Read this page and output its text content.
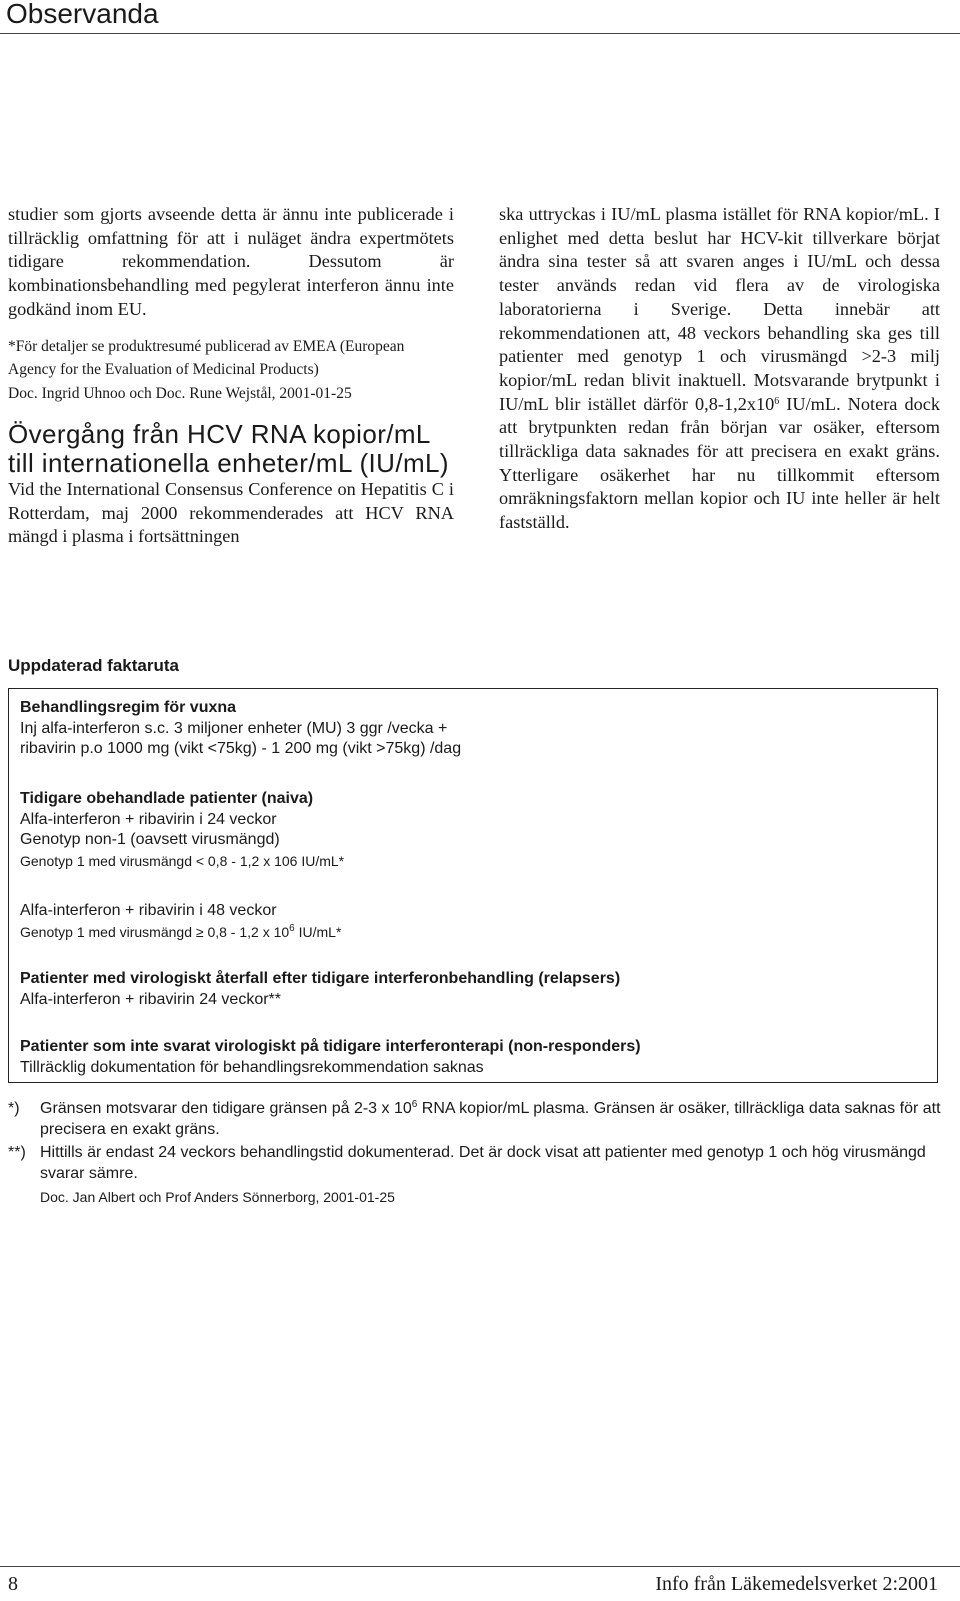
Observanda

studier som gjorts avseende detta är ännu inte publicerade i tillräcklig omfattning för att i nuläget ändra expertmötets tidigare rekommendation. Dessutom är kombinationsbehandling med pegylerat interferon ännu inte godkänd inom EU.

*För detaljer se produktresumé publicerad av EMEA (European Agency for the Evaluation of Medicinal Products)

Doc. Ingrid Uhnoo och Doc. Rune Wejstål, 2001-01-25

Övergång från HCV RNA kopior/mL till internationella enheter/mL (IU/mL)

Vid the International Consensus Conference on Hepatitis C i Rotterdam, maj 2000 rekommenderades att HCV RNA mängd i plasma i fortsättningen

ska uttryckas i IU/mL plasma istället för RNA kopior/mL. I enlighet med detta beslut har HCV-kit tillverkare börjat ändra sina tester så att svaren anges i IU/mL och dessa tester används redan vid flera av de virologiska laboratorierna i Sverige. Detta innebär att rekommendationen att, 48 veckors behandling ska ges till patienter med genotyp 1 och virusmängd >2-3 milj kopior/mL redan blivit inaktuell. Motsvarande brytpunkt i IU/mL blir istället därför $0,8-1,2x10^6$ IU/mL. Notera dock att brytpunkten redan från början var osäker, eftersom tillräckliga data saknades för att precisera en exakt gräns. Ytterligare osäkerhet har nu tillkommit eftersom omräkningsfaktorn mellan kopior och IU inte heller är helt fastställd.

Uppdaterad faktaruta
Behandlingsregim för vuxna
Inj alfa-interferon s.c. 3 miljoner enheter (MU) 3 ggr /vecka +
ribavirin p.o 1000 mg (vikt <75kg) - 1 200 mg (vikt >75kg) /dag
Tidigare obehandlade patienter (naiva)
Alfa-interferon + ribavirin i 24 veckor
Genotyp non-1 (oavsett virusmängd)
Genotyp 1 med virusmängd < 0,8 - 1,2 x 106 IU/mL*
Alfa-interferon + ribavirin i 48 veckor
Genotyp 1 med virusmängd ≥ 0,8 - 1,2 x $10^6$ IU/mL*
Patienter med virologiskt återfall efter tidigare interferonbehandling (relapsers)
Alfa-interferon + ribavirin 24 veckor**
Patienter som inte svarat virologiskt på tidigare interferonterapi (non-responders)
Tillräcklig dokumentation för behandlingsrekommendation saknas
*)	Gränsen motsvarar den tidigare gränsen på 2-3 x $10^6$ RNA kopior/mL plasma. Gränsen är osäker, tillräckliga data saknas för att precisera en exakt gräns.
**) Hittills är endast 24 veckors behandlingstid dokumenterad. Det är dock visat att patienter med genotyp 1 och hög virusmängd svarar sämre.
Doc. Jan Albert och Prof Anders Sönnerborg, 2001-01-25
8	Info från Läkemedelsverket 2:2001
